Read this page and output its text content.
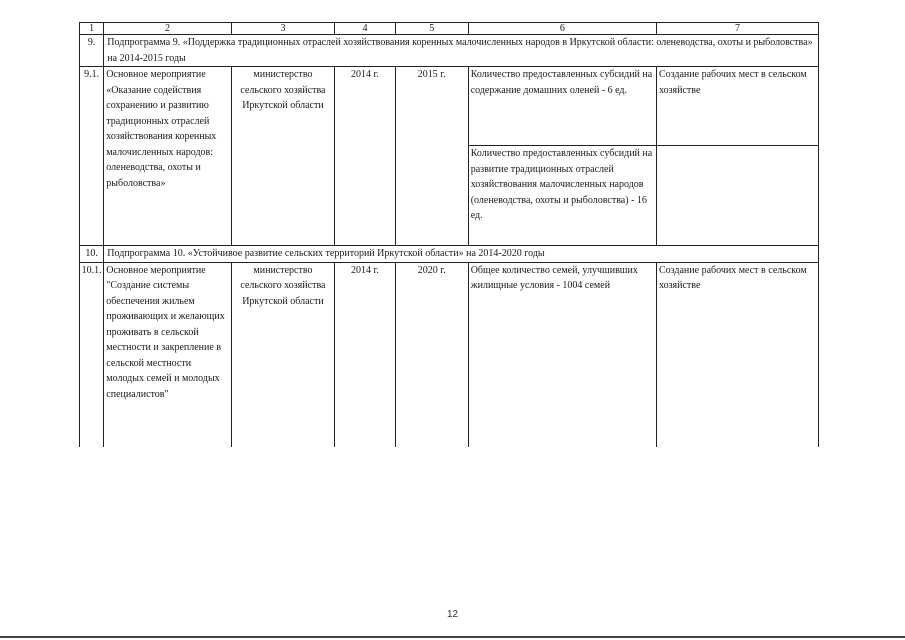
1	2	3	4	5	6	7
9.	Подпрограмма 9. «Поддержка традиционных отраслей хозяйствования коренных малочисленных народов в Иркутской области: оленеводства, охоты и рыболовства» на 2014-2015 годы					
9.1.	Основное мероприятие «Оказание содействия сохранению и развитию традиционных отраслей хозяйствования коренных малочисленных народов: оленеводства, охоты и рыболовства»	министерство сельского хозяйства Иркутской области	2014 г.	2015 г.	Количество предоставленных субсидий на содержание домашних оленей - 6 ед.	Создание рабочих мест в сельском хозяйстве
					Количество предоставленных субсидий на развитие традиционных отраслей хозяйствования малочисленных народов (оленеводства, охоты и рыболовства) - 16 ед.	
10.	Подпрограмма 10. «Устойчивое развитие сельских территорий Иркутской области» на 2014-2020 годы					
10.1.	Основное мероприятие "Создание системы обеспечения жильем проживающих и желающих проживать в сельской местности и закрепление в сельской местности молодых семей и молодых специалистов"	министерство сельского хозяйства Иркутской области	2014 г.	2020 г.	Общее количество семей, улучшивших жилищные условия - 1004 семей	Создание рабочих мест в сельском хозяйстве
12
